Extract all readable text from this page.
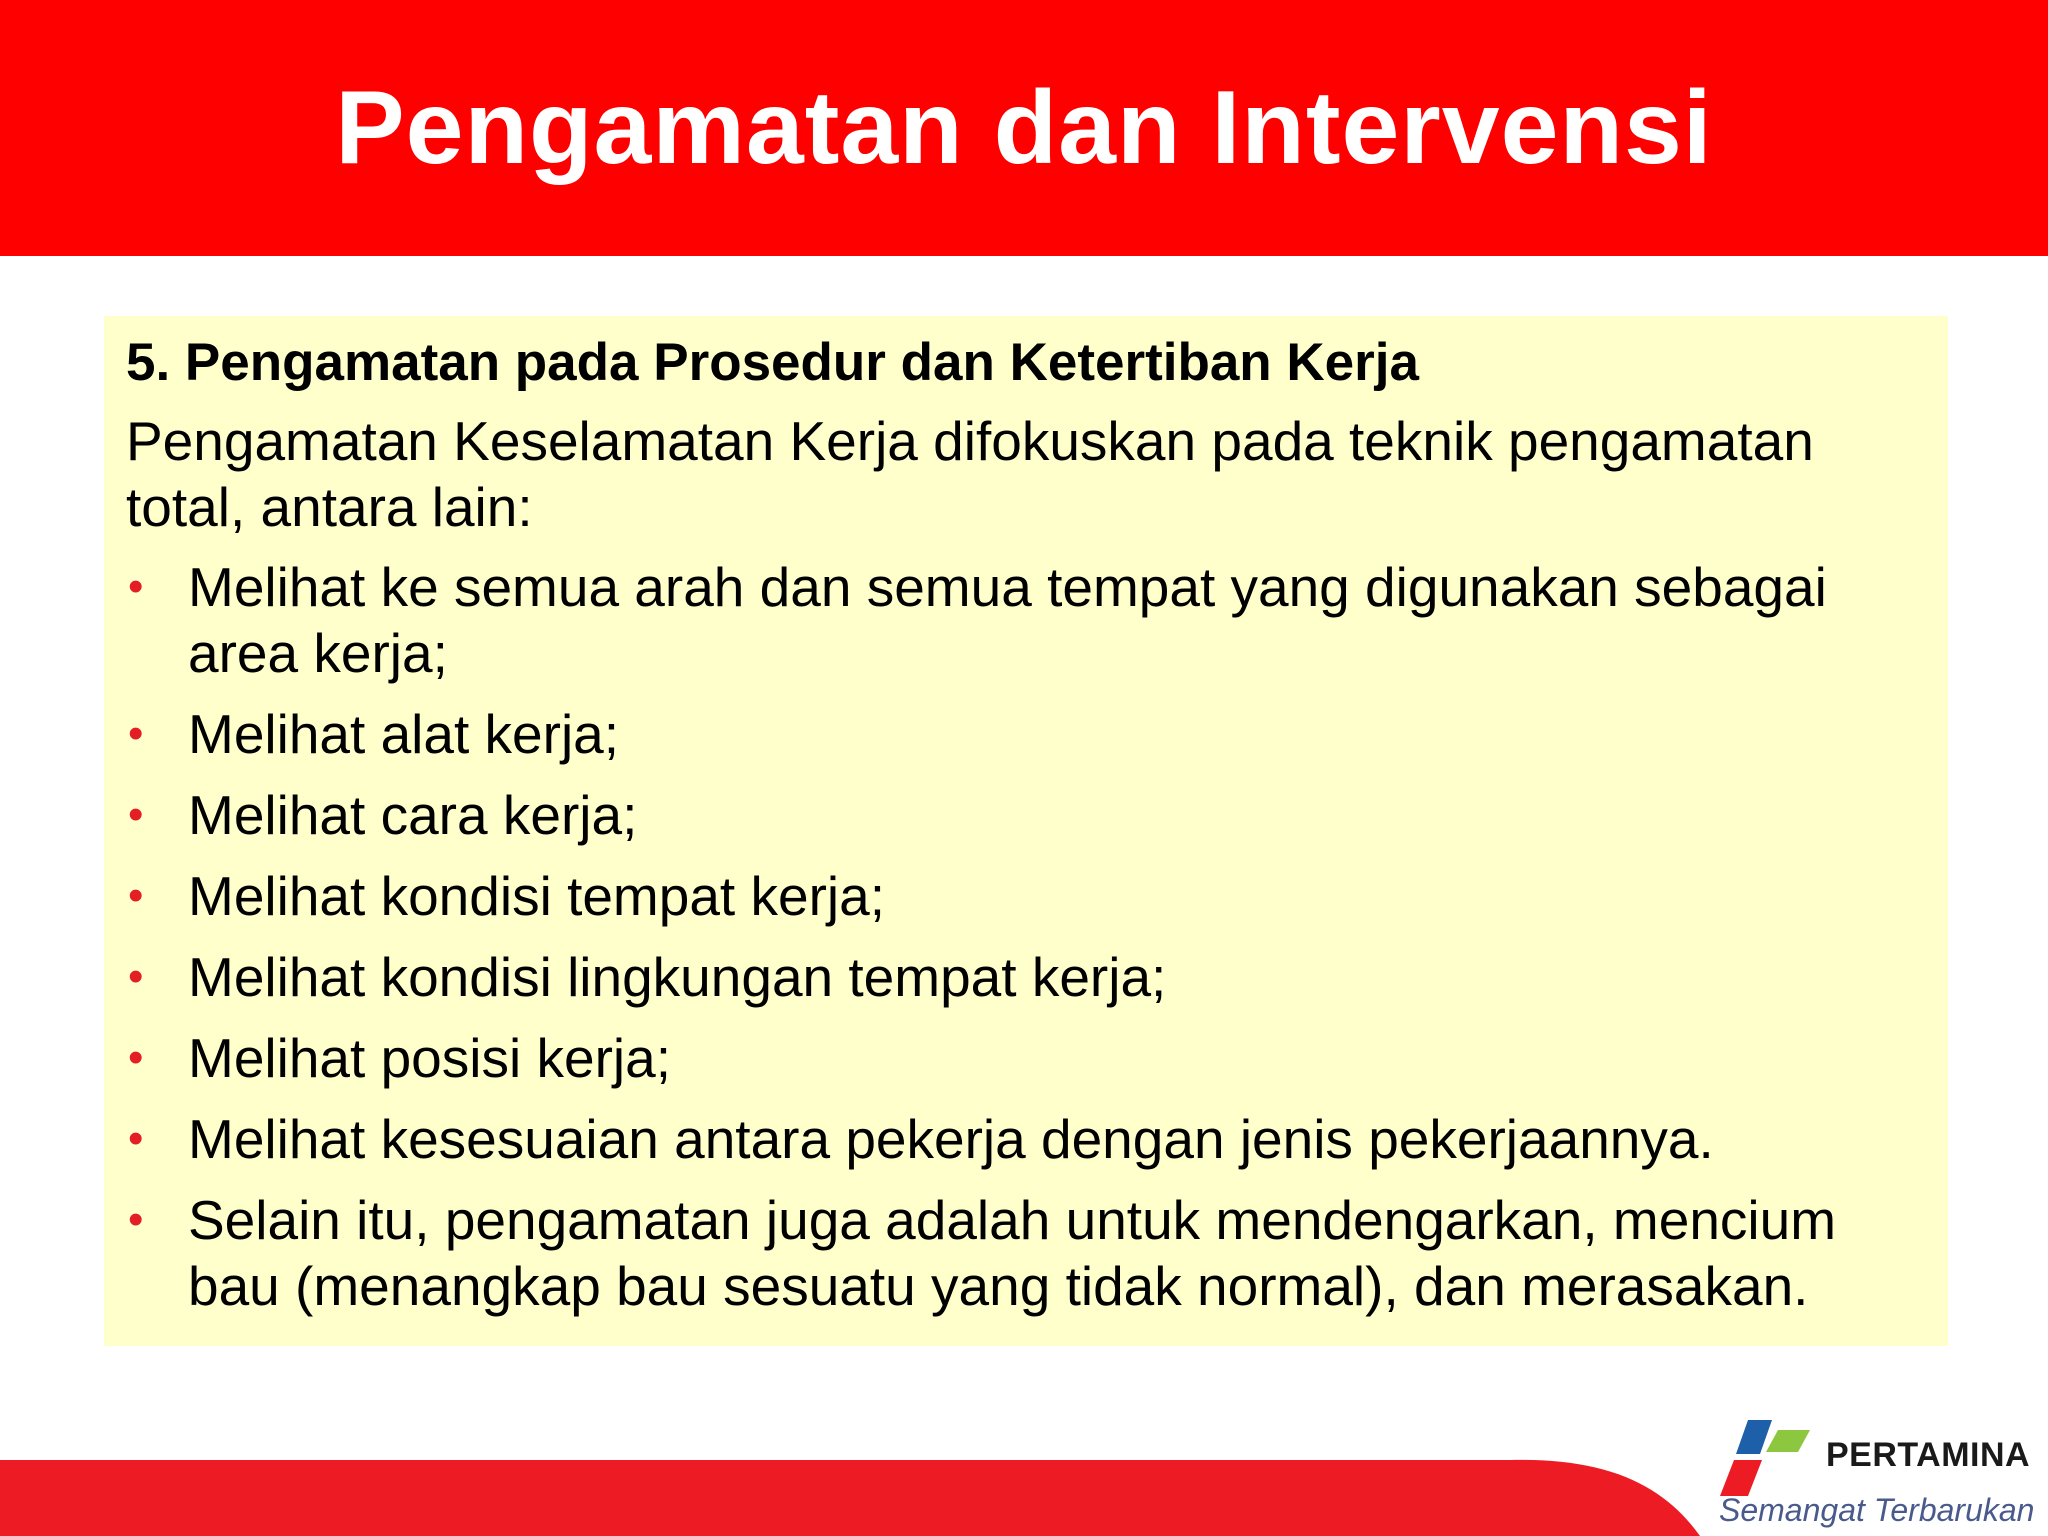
Pengamatan dan Intervensi

5. Pengamatan pada Prosedur dan Ketertiban Kerja

Pengamatan Keselamatan Kerja difokuskan pada teknik pengamatan total, antara lain:

• Melihat ke semua arah dan semua tempat yang digunakan sebagai area kerja;
• Melihat alat kerja;
• Melihat cara kerja;
• Melihat kondisi tempat kerja;
• Melihat kondisi lingkungan tempat kerja;
• Melihat posisi kerja;
• Melihat kesesuaian antara pekerja dengan jenis pekerjaannya.
• Selain itu, pengamatan juga adalah untuk mendengarkan, mencium bau (menangkap bau sesuatu yang tidak normal), dan merasakan.
PERTAMINA
Semangat Terbarukan
